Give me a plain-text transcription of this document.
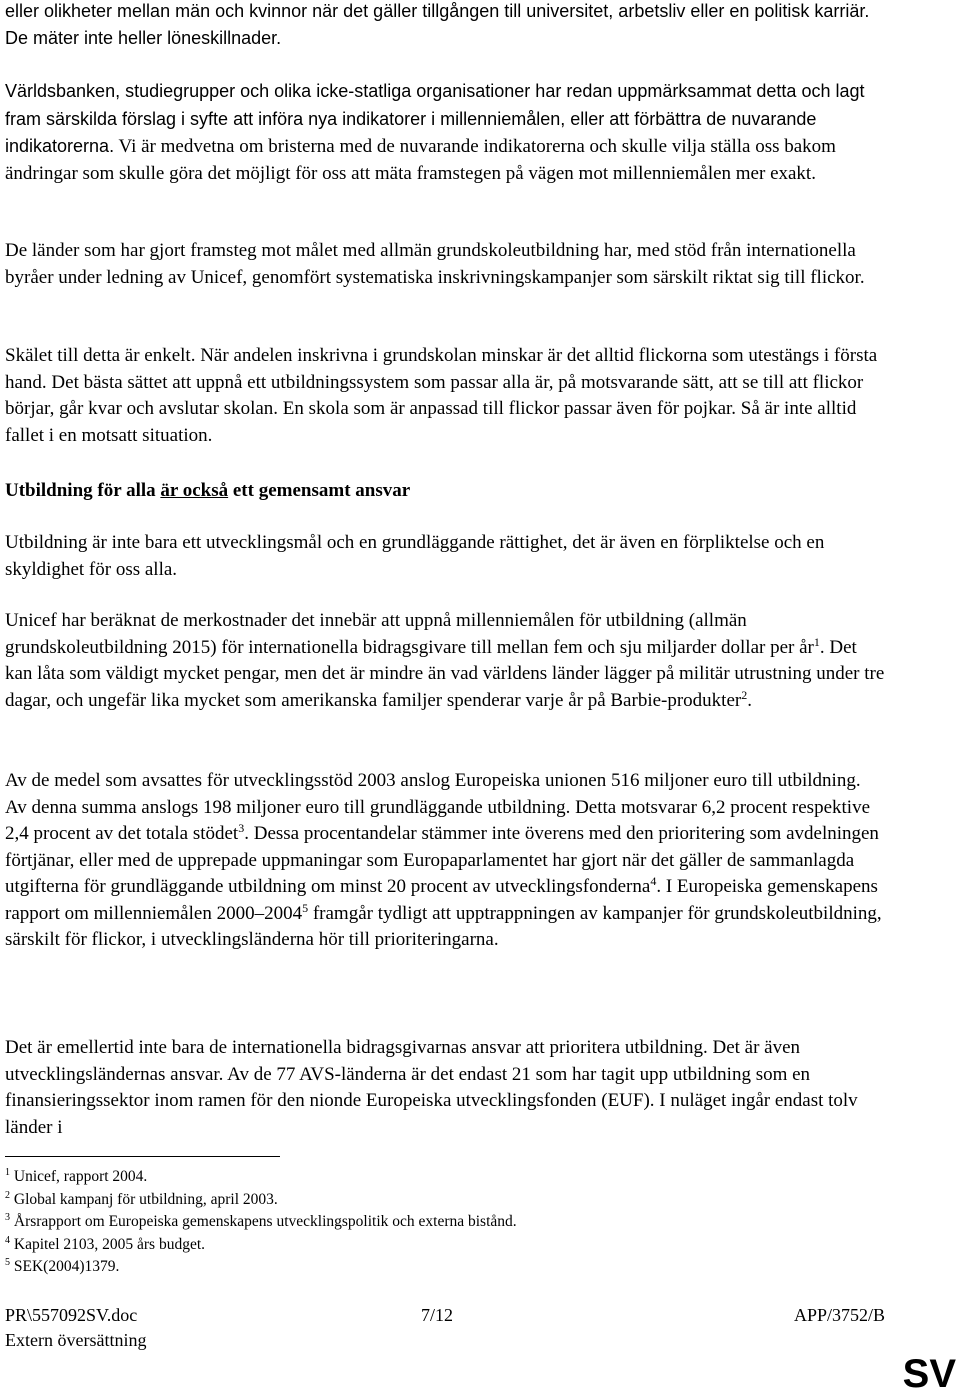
eller olikheter mellan män och kvinnor när det gäller tillgången till universitet, arbetsliv eller en politisk karriär. De mäter inte heller löneskillnader.

Världsbanken, studiegrupper och olika icke-statliga organisationer har redan uppmärksammat detta och lagt fram särskilda förslag i syfte att införa nya indikatorer i millenniemålen, eller att förbättra de nuvarande indikatorerna. Vi är medvetna om bristerna med de nuvarande indikatorerna och skulle vilja ställa oss bakom ändringar som skulle göra det möjligt för oss att mäta framstegen på vägen mot millenniemålen mer exakt.

De länder som har gjort framsteg mot målet med allmän grundskoleutbildning har, med stöd från internationella byråer under ledning av Unicef, genomfört systematiska inskrivningskampanjer som särskilt riktat sig till flickor.

Skälet till detta är enkelt. När andelen inskrivna i grundskolan minskar är det alltid flickorna som utestängs i första hand. Det bästa sättet att uppnå ett utbildningssystem som passar alla är, på motsvarande sätt, att se till att flickor börjar, går kvar och avslutar skolan. En skola som är anpassad till flickor passar även för pojkar. Så är inte alltid fallet i en motsatt situation.

Utbildning för alla är också ett gemensamt ansvar

Utbildning är inte bara ett utvecklingsmål och en grundläggande rättighet, det är även en förpliktelse och en skyldighet för oss alla.

Unicef har beräknat de merkostnader det innebär att uppnå millenniemålen för utbildning (allmän grundskoleutbildning 2015) för internationella bidragsgivare till mellan fem och sju miljarder dollar per $år^1$. Det kan låta som väldigt mycket pengar, men det är mindre än vad världens länder lägger på militär utrustning under tre dagar, och ungefär lika mycket som amerikanska familjer spenderar varje år på Barbie-produkter$^2$.

Av de medel som avsattes för utvecklingsstöd 2003 anslog Europeiska unionen 516 miljoner euro till utbildning. Av denna summa anslogs 198 miljoner euro till grundläggande utbildning. Detta motsvarar 6,2 procent respektive 2,4 procent av det totala stödet$^3$. Dessa procentandelar stämmer inte överens med den prioritering som avdelningen förtjänar, eller med de upprepade uppmaningar som Europaparlamentet har gjort när det gäller de sammanlagda utgifterna för grundläggande utbildning om minst 20 procent av utvecklingsfonderna$^4$. I Europeiska gemenskapens rapport om millenniemålen 2000–2004$^5$ framgår tydligt att upptrappningen av kampanjer för grundskoleutbildning, särskilt för flickor, i utvecklingsländerna hör till prioriteringarna.

Det är emellertid inte bara de internationella bidragsgivarnas ansvar att prioritera utbildning. Det är även utvecklingsländernas ansvar. Av de 77 AVS-länderna är det endast 21 som har tagit upp utbildning som en finansieringssektor inom ramen för den nionde Europeiska utvecklingsfonden (EUF). I nuläget ingår endast tolv länder i

$^1$ Unicef, rapport 2004.
$^2$ Global kampanj för utbildning, april 2003.
$^3$ Årsrapport om Europeiska gemenskapens utvecklingspolitik och externa bistånd.
$^4$ Kapitel 2103, 2005 års budget.
$^5$ SEK(2004)1379.
PR\557092SV.doc	7/12	APP/3752/B
Extern översättning
SV
